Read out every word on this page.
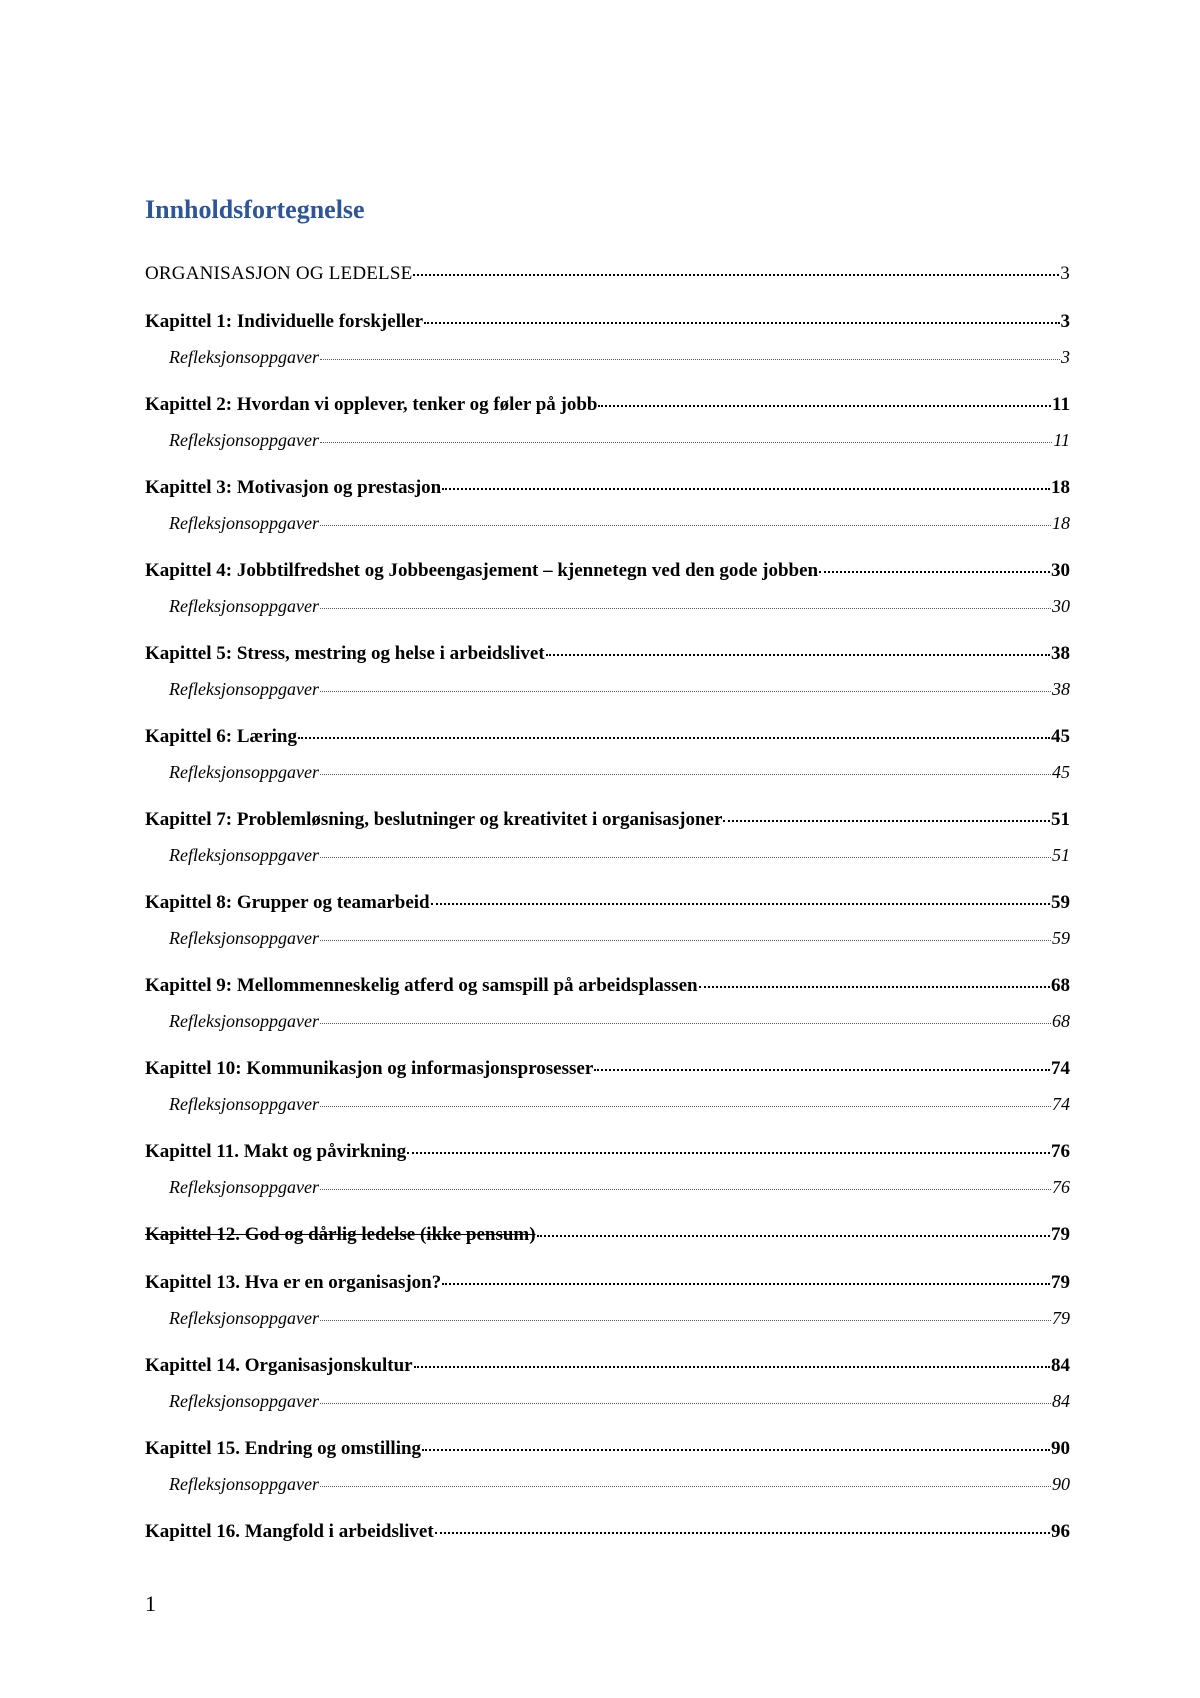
Innholdsfortegnelse
ORGANISASJON OG LEDELSE	3
Kapittel 1: Individuelle forskjeller	3
Refleksjonsoppgaver	3
Kapittel 2: Hvordan vi opplever, tenker og føler på jobb	11
Refleksjonsoppgaver	11
Kapittel 3: Motivasjon og prestasjon	18
Refleksjonsoppgaver	18
Kapittel 4: Jobbtilfredshet og Jobbeengasjement – kjennetegn ved den gode jobben	30
Refleksjonsoppgaver	30
Kapittel 5: Stress, mestring og helse i arbeidslivet	38
Refleksjonsoppgaver	38
Kapittel 6: Læring	45
Refleksjonsoppgaver	45
Kapittel 7: Problemløsning, beslutninger og kreativitet i organisasjoner	51
Refleksjonsoppgaver	51
Kapittel 8: Grupper og teamarbeid	59
Refleksjonsoppgaver	59
Kapittel 9: Mellommenneskelig atferd og samspill på arbeidsplassen	68
Refleksjonsoppgaver	68
Kapittel 10: Kommunikasjon og informasjonsprosesser	74
Refleksjonsoppgaver	74
Kapittel 11. Makt og påvirkning	76
Refleksjonsoppgaver	76
Kapittel 12. God og dårlig ledelse (ikke pensum)	79
Kapittel 13. Hva er en organisasjon?	79
Refleksjonsoppgaver	79
Kapittel 14. Organisasjonskultur	84
Refleksjonsoppgaver	84
Kapittel 15. Endring og omstilling	90
Refleksjonsoppgaver	90
Kapittel 16. Mangfold i arbeidslivet	96
1
